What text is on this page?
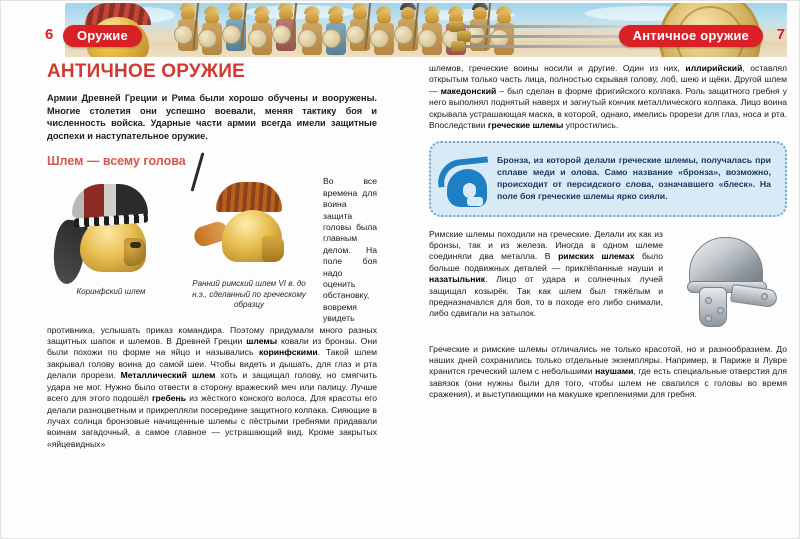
6	Оружие	Античное оружие	7
АНТИЧНОЕ ОРУЖИЕ

Армии Древней Греции и Рима были хорошо обучены и вооружены. Многие столетия они успешно воевали, меняя тактику боя и численность войска. Ударные части армии всегда имели защитные доспехи и наступательное оружие.

Шлем — всему голова
Коринфский шлем
Ранний римский шлем VI в. до н.э., сделанный по греческому образцу

Во все времена для воина защита головы была главным делом. На поле боя надо оценить обстановку, вовремя увидеть противника, услышать приказ командира. Поэтому придумали много разных защитных шапок и шлемов. В Древней Греции шлемы ковали из бронзы. Они были похожи по форме на яйцо и назывались коринфскими. Такой шлем закрывал голову воина до самой шеи. Чтобы видеть и дышать, для глаз и рта делали прорези. Металлический шлем хоть и защищал голову, но смягчить удара не мог. Нужно было отвести в сторону вражеский меч или палицу. Лучше всего для этого подошёл гребень из жёсткого конского волоса. Для красоты его делали разноцветным и прикрепляли посередине защитного колпака. Сияющие в лучах солнца бронзовые начищенные шлемы с пёстрыми гребнями придавали воинам загадочный, а самое главное — устрашающий вид. Кроме закрытых «яйцевидных»

шлемов, греческие воины носили и другие. Один из них, иллирийский, оставлял открытым только часть лица, полностью скрывая голову, лоб, шею и щёки. Другой шлем — македонский – был сделан в форме фригийского колпака. Роль защитного гребня у него выполнял поднятый наверх и загнутый кончик металлического колпака. Лицо воина скрывала устрашающая маска, в которой, однако, имелись прорези для глаз, носа и рта. Впоследствии греческие шлемы упростились.

Бронза, из которой делали греческие шлемы, получалась при сплаве меди и олова. Само название «бронза», возможно, происходит от персидского слова, означавшего «блеск». На поле боя греческие шлемы ярко сияли.

Римские шлемы походили на греческие. Делали их как из бронзы, так и из железа. Иногда в одном шлеме соединяли два металла. В римских шлемах было больше подвижных деталей — приклёпанные науши и назатыльник. Лицо от удара и солнечных лучей защищал козырёк. Так как шлем был тяжёлым и предназначался для боя, то в походе его либо снимали, либо сдвигали на затылок.

Греческие и римские шлемы отличались не только красотой, но и разнообразием. До наших дней сохранились только отдельные экземпляры. Например, в Париже в Лувре хранится греческий шлем с небольшими наушами, где есть специальные отверстия для завязок (они нужны были для того, чтобы шлем не свалился с головы во время сражения), и выступающими на макушке креплениями для гребня.
